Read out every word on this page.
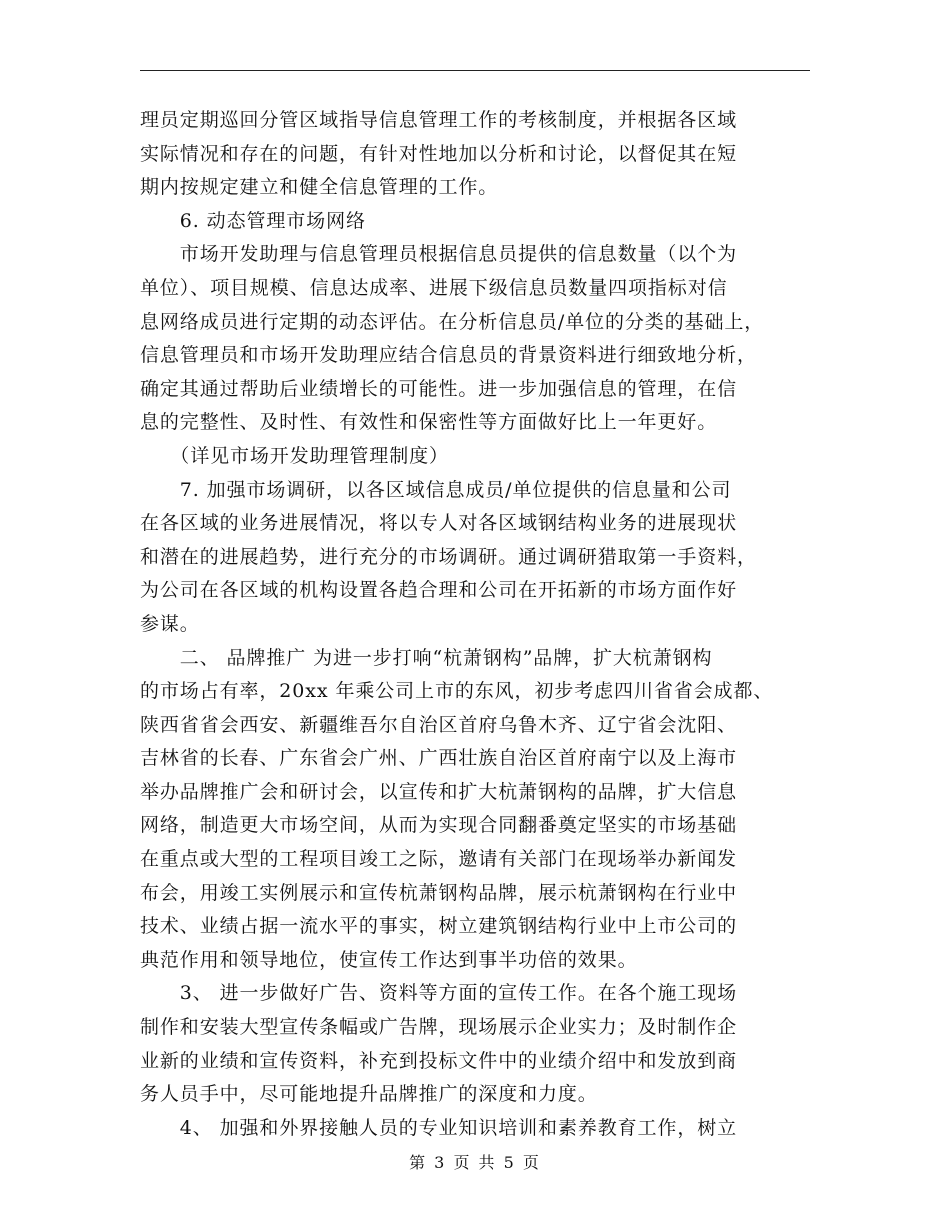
理员定期巡回分管区域指导信息管理工作的考核制度，并根据各区域
实际情况和存在的问题，有针对性地加以分析和讨论，以督促其在短
期内按规定建立和健全信息管理的工作。
　　6. 动态管理市场网络
　　市场开发助理与信息管理员根据信息员提供的信息数量（以个为
单位）、项目规模、信息达成率、进展下级信息员数量四项指标对信
息网络成员进行定期的动态评估。在分析信息员/单位的分类的基础上，
信息管理员和市场开发助理应结合信息员的背景资料进行细致地分析，
确定其通过帮助后业绩增长的可能性。进一步加强信息的管理，在信
息的完整性、及时性、有效性和保密性等方面做好比上一年更好。
　　（详见市场开发助理管理制度）
　　7. 加强市场调研，以各区域信息成员/单位提供的信息量和公司
在各区域的业务进展情况，将以专人对各区域钢结构业务的进展现状
和潜在的进展趋势，进行充分的市场调研。通过调研猎取第一手资料，
为公司在各区域的机构设置各趋合理和公司在开拓新的市场方面作好
参谋。
　　二、 品牌推广 为进一步打响“杭萧钢构”品牌，扩大杭萧钢构
的市场占有率，20xx 年乘公司上市的东风，初步考虑四川省省会成都、
陕西省省会西安、新疆维吾尔自治区首府乌鲁木齐、辽宁省会沈阳、
吉林省的长春、广东省会广州、广西壮族自治区首府南宁以及上海市
举办品牌推广会和研讨会，以宣传和扩大杭萧钢构的品牌，扩大信息
网络，制造更大市场空间，从而为实现合同翻番奠定坚实的市场基础
在重点或大型的工程项目竣工之际，邀请有关部门在现场举办新闻发
布会，用竣工实例展示和宣传杭萧钢构品牌，展示杭萧钢构在行业中
技术、业绩占据一流水平的事实，树立建筑钢结构行业中上市公司的
典范作用和领导地位，使宣传工作达到事半功倍的效果。
　　3、 进一步做好广告、资料等方面的宣传工作。在各个施工现场
制作和安装大型宣传条幅或广告牌，现场展示企业实力；及时制作企
业新的业绩和宣传资料，补充到投标文件中的业绩介绍中和发放到商
务人员手中，尽可能地提升品牌推广的深度和力度。
　　4、 加强和外界接触人员的专业知识培训和素养教育工作，树立
第 3 页 共 5 页
